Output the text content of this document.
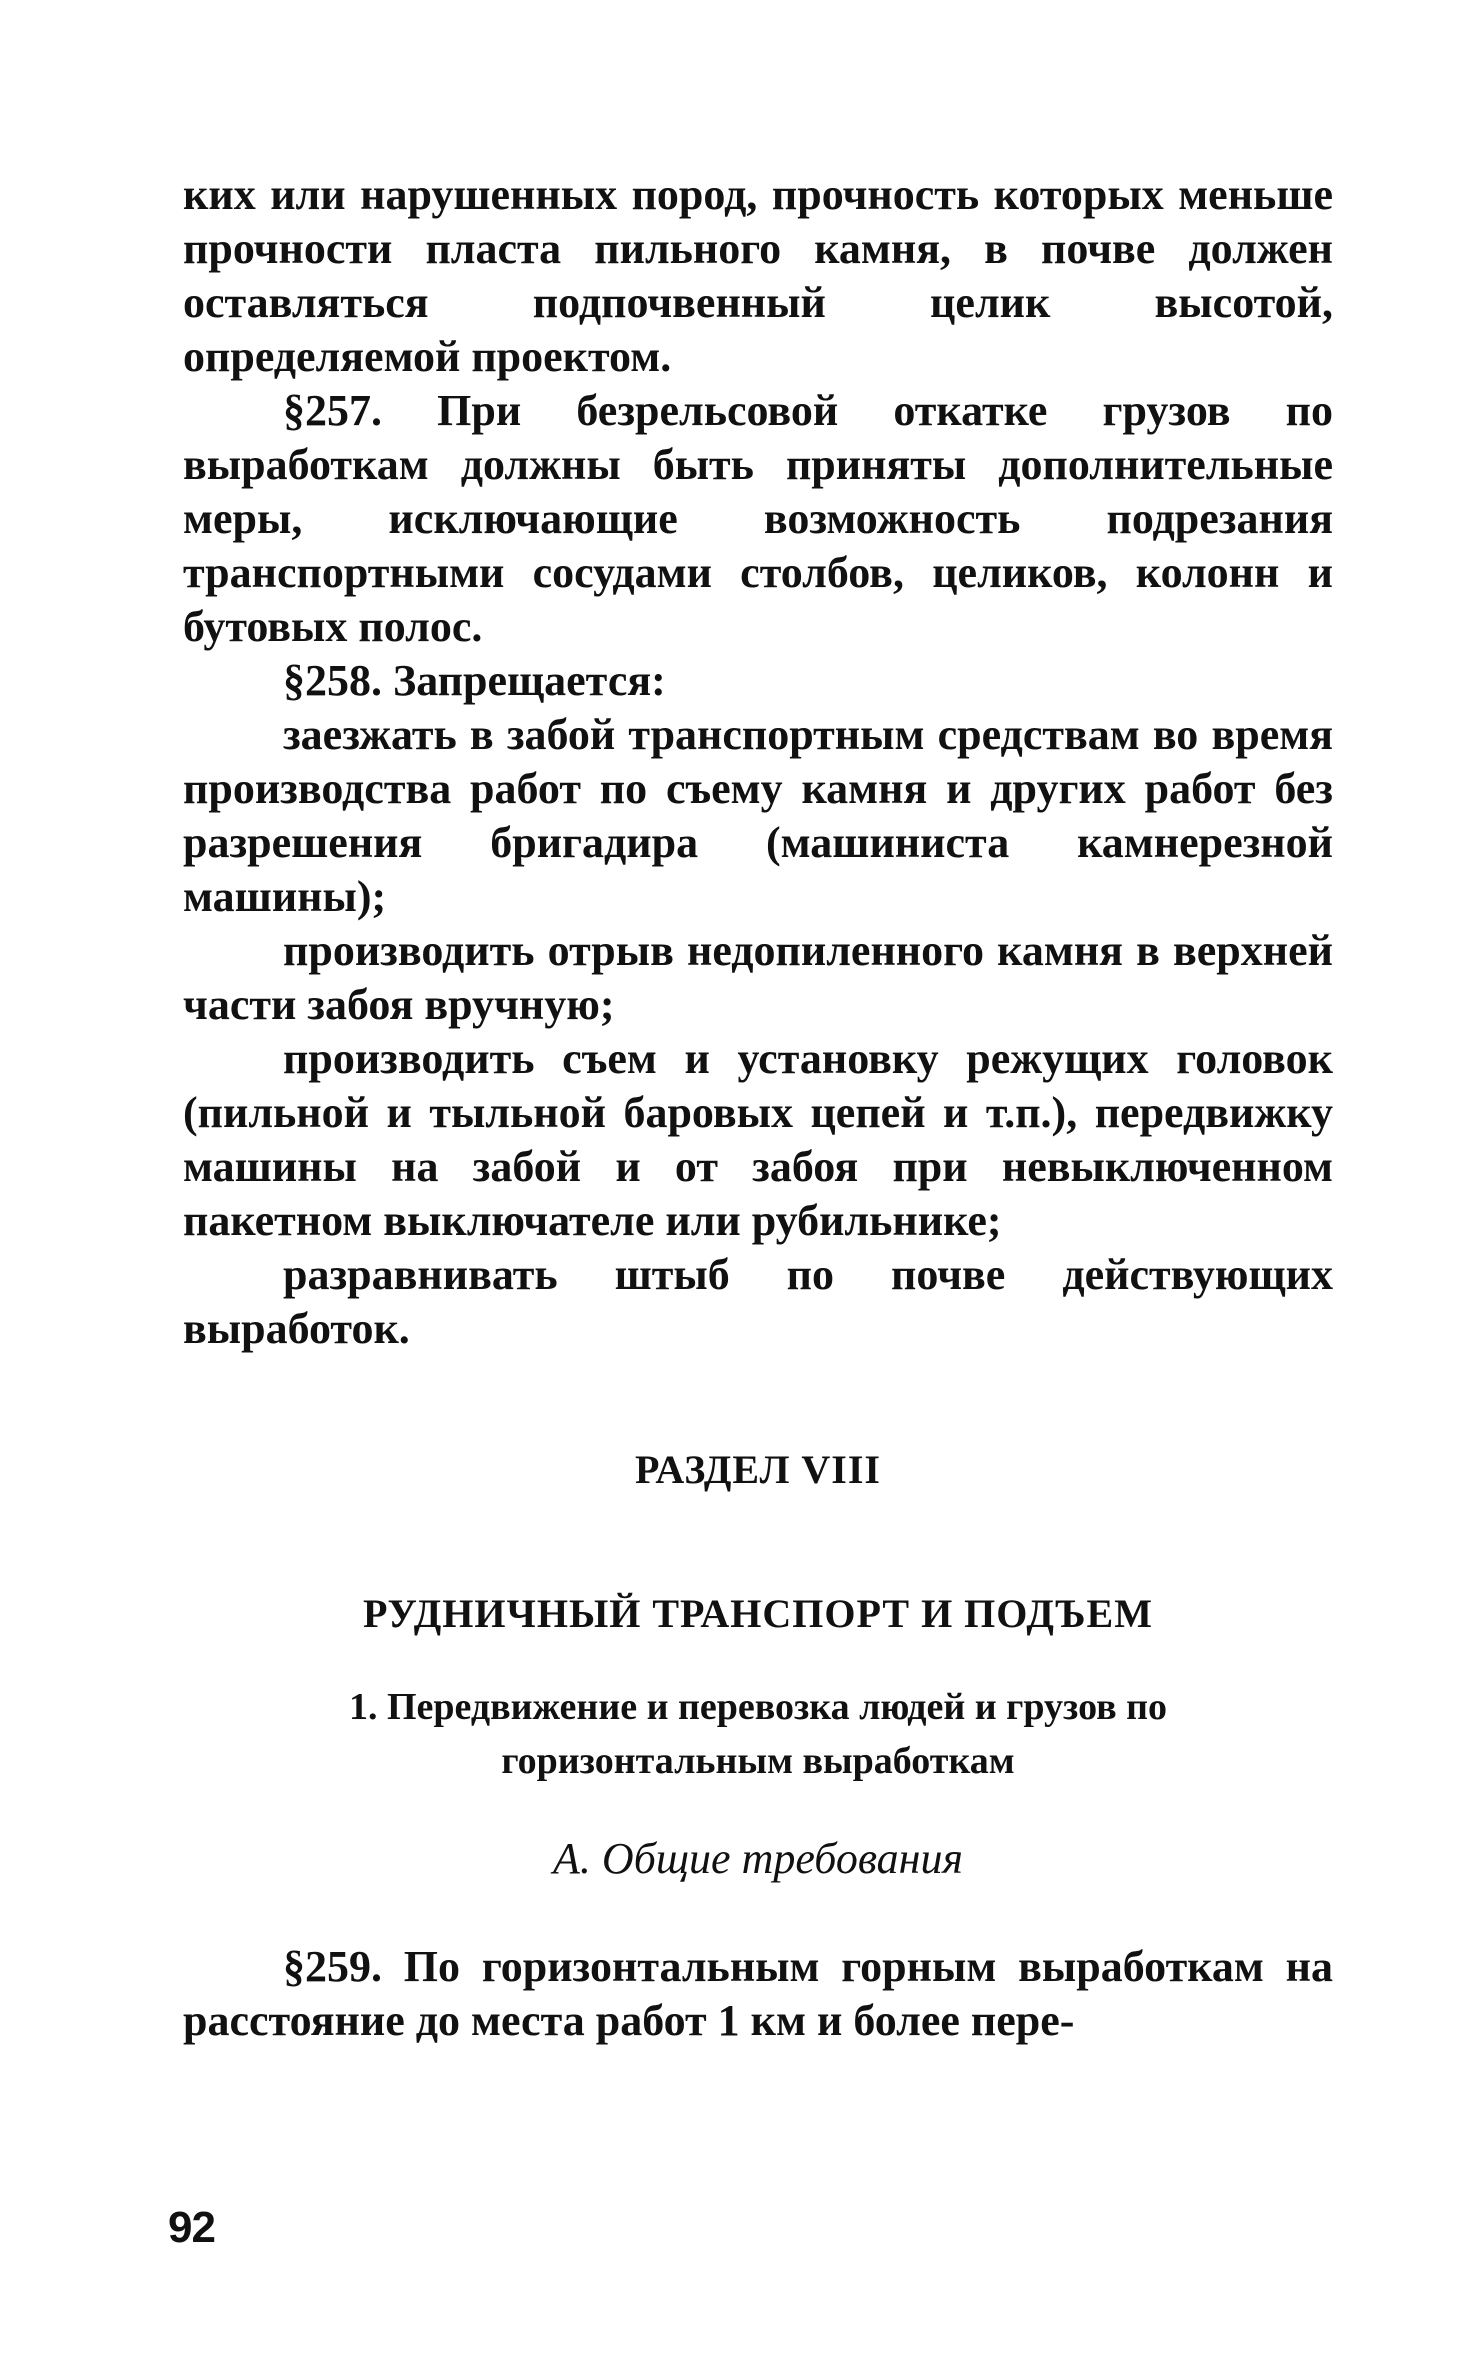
ких или нарушенных пород, прочность которых меньше прочности пласта пильного камня, в почве должен оставляться подпочвенный целик высотой, определяемой проектом.

§257. При безрельсовой откатке грузов по выработкам должны быть приняты дополнительные меры, исключающие возможность подрезания транспортными сосудами столбов, целиков, колонн и бутовых полос.

§258. Запрещается:

заезжать в забой транспортным средствам во время производства работ по съему камня и других работ без разрешения бригадира (машиниста камнерезной машины);

производить отрыв недопиленного камня в верхней части забоя вручную;

производить съем и установку режущих головок (пильной и тыльной баровых цепей и т.п.), передвижку машины на забой и от забоя при невыключенном пакетном выключателе или рубильнике;

разравнивать штыб по почве действующих выработок.

РАЗДЕЛ VIII
РУДНИЧНЫЙ ТРАНСПОРТ И ПОДЪЕМ
1. Передвижение и перевозка людей и грузов по горизонтальным выработкам
А. Общие требования

§259. По горизонтальным горным выработкам на расстояние до места работ 1 км и более пере-

92
